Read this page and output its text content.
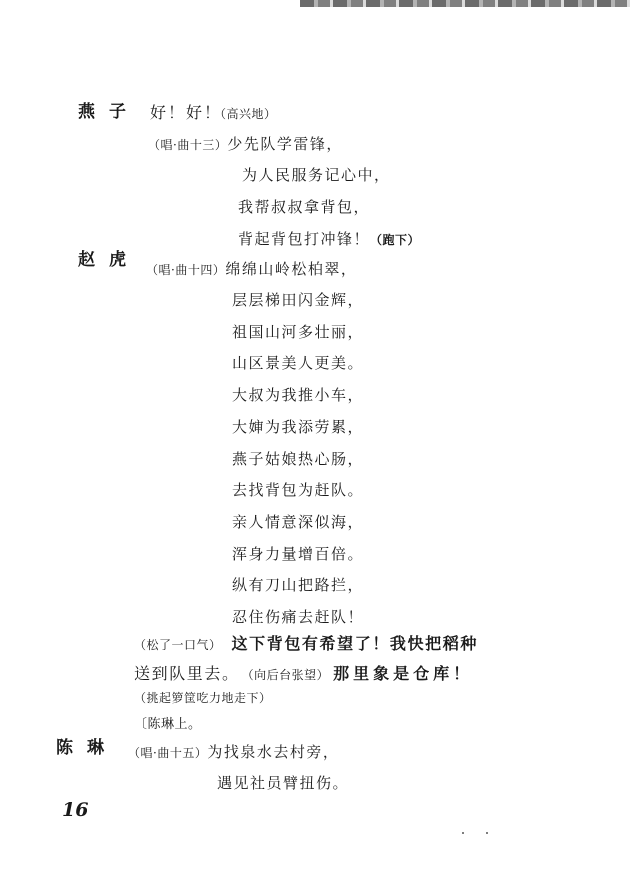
燕子 好！好！
（高兴地）
（唱·曲十三）少先队学雷锋，
为人民服务记心中，
我帮叔叔拿背包，
背起背包打冲锋！（跑下）
赵虎 （唱·曲十四）绵绵山岭松柏翠，
层层梯田闪金辉，
祖国山河多壮丽，
山区景美人更美。
大叔为我推小车，
大婶为我添劳累，
燕子姑娘热心肠，
去找背包为赶队。
亲人情意深似海，
浑身力量增百倍。
纵有刀山把路拦，
忍住伤痛去赶队！
（松了一口气） 这下背包有希望了！我快把稻种
送到队里去。 （向后台张望） 那里象是仓库！
（挑起箩筐吃力地走下）
〔陈琳上。
陈琳 （唱·曲十五）为找泉水去村旁，
遇见社员臂扭伤。
16
